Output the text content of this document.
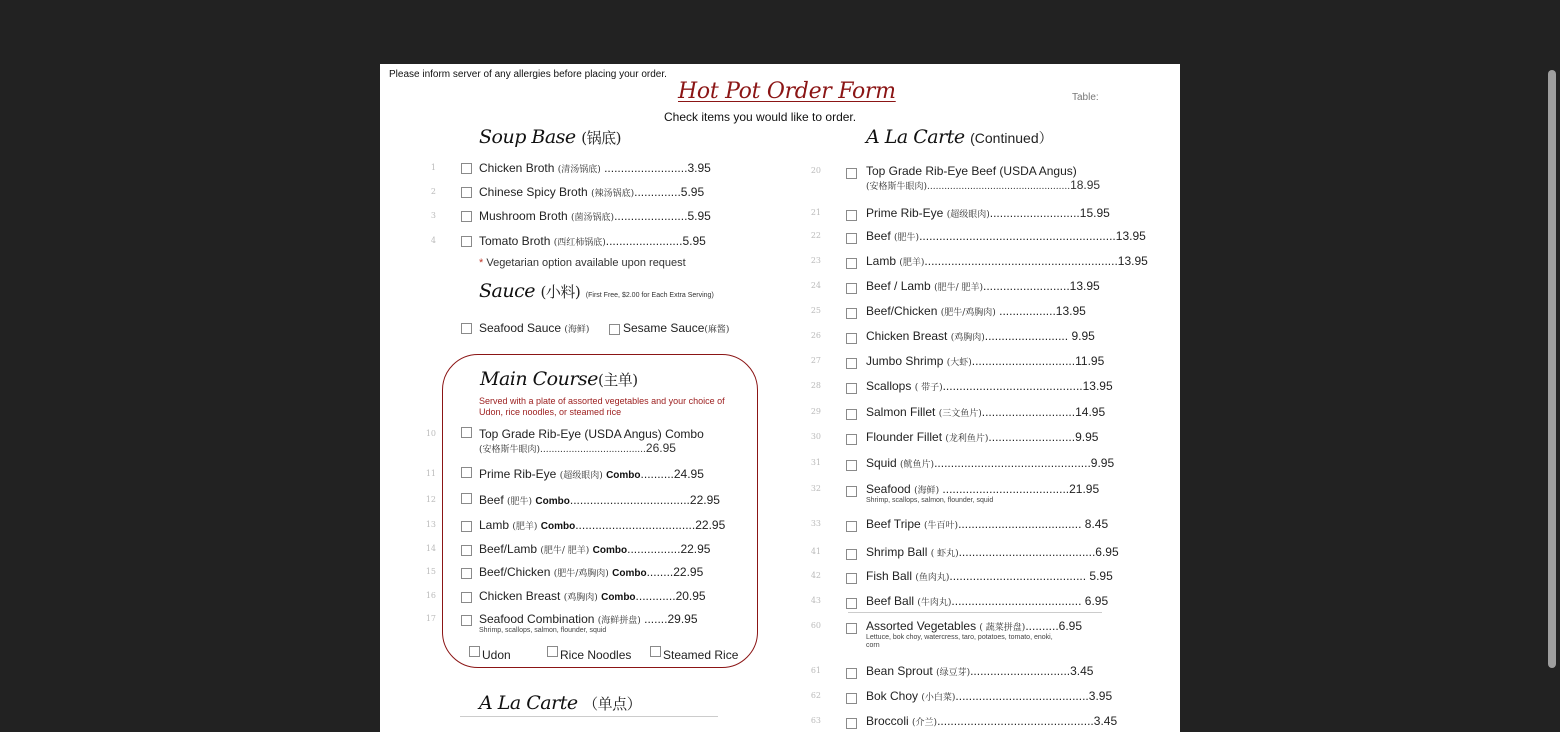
Please inform server of any allergies before placing your order.
Hot Pot Order Form	Table:
Check items you would like to order.
Soup Base (锅底)
1	Chicken Broth (清汤锅底) .........................3.95
2	Chinese Spicy Broth (辣汤锅底)..............5.95
3	Mushroom Broth (菌汤锅底)......................5.95
4	Tomato Broth (西红柿锅底).......................5.95
* Vegetarian option available upon request
Sauce (小料) (First Free, $2.00 for Each Extra Serving)
Seafood Sauce (海鲜)	Sesame Sauce(麻酱)
Main Course(主单)
Served with a plate of assorted vegetables and your choice of Udon, rice noodles, or steamed rice
10	Top Grade Rib-Eye (USDA Angus) Combo
(安格斯牛眼肉).....................................26.95
11	Prime Rib-Eye (超级眼肉) Combo..........24.95
12	Beef (肥牛) Combo....................................22.95
13	Lamb (肥羊) Combo....................................22.95
14	Beef/Lamb (肥牛/ 肥羊) Combo................22.95
15	Beef/Chicken (肥牛/鸡胸肉) Combo........22.95
16	Chicken Breast (鸡胸肉) Combo............20.95
17	Seafood Combination (海鲜拼盘) .......29.95
Shrimp, scallops, salmon, flounder, squid
Udon	Rice Noodles	Steamed Rice
A La Carte （单点）
A La Carte (Continued）
20	Top Grade Rib-Eye Beef (USDA Angus)
(安格斯牛眼肉)..................................................18.95
21	Prime Rib-Eye (超级眼肉)...........................15.95
22	Beef (肥牛)...........................................................13.95
23	Lamb (肥羊)..........................................................13.95
24	Beef / Lamb (肥牛/ 肥羊)..........................13.95
25	Beef/Chicken (肥牛/鸡胸肉) .................13.95
26	Chicken Breast (鸡胸肉)......................... 9.95
27	Jumbo Shrimp (大虾)...............................11.95
28	Scallops ( 带子)..........................................13.95
29	Salmon Fillet (三文鱼片)............................14.95
30	Flounder Fillet (龙利鱼片)..........................9.95
31	Squid (鱿鱼片)...............................................9.95
32	Seafood (海鲜) ......................................21.95
Shrimp, scallops, salmon, flounder, squid
33	Beef Tripe (牛百叶)..................................... 8.45
41	Shrimp Ball ( 虾丸).........................................6.95
42	Fish Ball (鱼肉丸)......................................... 5.95
43	Beef Ball (牛肉丸)....................................... 6.95
60	Assorted Vegetables ( 蔬菜拼盘)..........6.95
Lettuce, bok choy, watercress, taro, potatoes, tomato, enoki,
corn
61	Bean Sprout (绿豆芽)..............................3.45
62	Bok Choy (小白菜)........................................3.95
63	Broccoli (介兰)...............................................3.45
